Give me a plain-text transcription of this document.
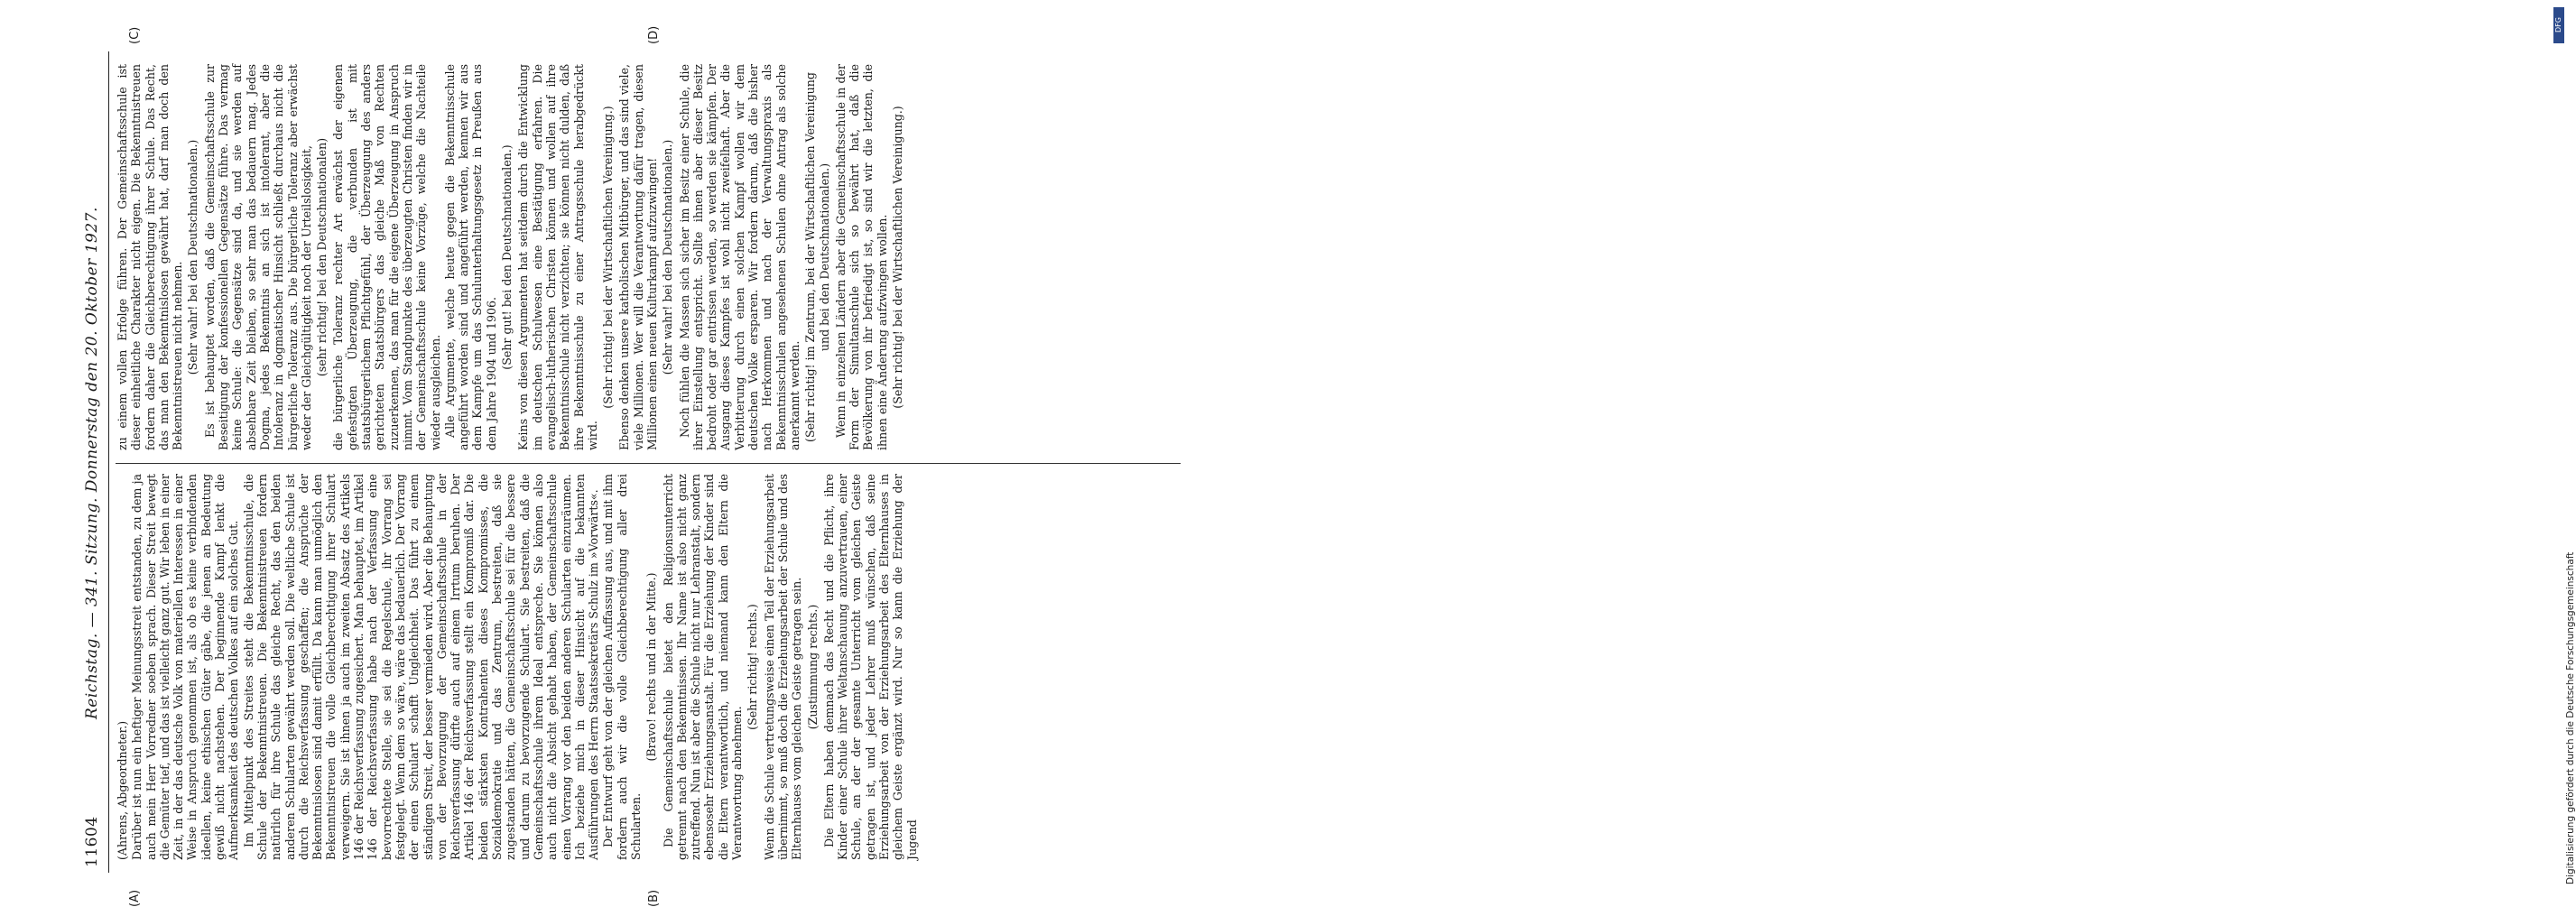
11604
Reichstag. — 341. Sitzung. Donnerstag den 20. Oktober 1927.
(A)	(B)
(C)	(D)

(Ahrens, Abgeordneter.) Darüber ist nun ein heftiger Meinungsstreit entstanden, zu dem ja auch mein Herr Vorredner soeben sprach. Dieser Streit bewegt die Gemüter tief, und das ist vielleicht ganz gut. Wir leben in einer Zeit, in der das deutsche Volk von materiellen Interessen in einer Weise in Anspruch genommen ist, als ob es keine verbindenden ideellen, keine ethischen Güter gäbe, die jenen an Bedeutung gewiß nicht nachstehen. Der beginnende Kampf lenkt die Aufmerksamkeit des deutschen Volkes auf ein solches Gut. Im Mittelpunkt des Streites steht die Bekenntnisschule, die Schule der Bekenntnistreuen. Die Bekenntnistreuen fordern natürlich für ihre Schule das gleiche Recht, das den beiden anderen Schularten gewährt werden soll. Die weltliche Schule ist durch die Reichsverfassung geschaffen; die Ansprüche der Bekenntnislosen sind damit erfüllt. Da kann man unmöglich den Bekenntnistreuen die volle Gleichberechtigung ihrer Schulart verweigern. Sie ist ihnen ja auch im zweiten Absatz des Artikels 146 der Reichsverfassung zugesichert. Man behauptet, im Artikel 146 der Reichsverfassung habe nach der Verfassung eine bevorrechtete Stelle, sie sei die Regelschule, ihr Vorrang sei festgelegt. Wenn dem so wäre, wäre das bedauerlich. Der Vorrang der einen Schulart schafft Ungleichheit. Das führt zu einem ständigen Streit, der besser vermieden wird. Aber die Behauptung von der Bevorzugung der Gemeinschaftsschule in der Reichsverfassung dürfte auch auf einem Irrtum beruhen. Der Artikel 146 der Reichsverfassung stellt ein Kompromiß dar. Die beiden stärksten Kontrahenten dieses Kompromisses, die Sozialdemokratie und das Zentrum, bestreiten, daß sie zugestanden hätten, die Gemeinschaftsschule sei für die bessere und darum zu bevorzugende Schulart. Sie bestreiten, daß die Gemeinschaftsschule ihrem Ideal entspreche. Sie können also auch nicht die Absicht gehabt haben, der Gemeinschaftsschule einen Vorrang vor den beiden anderen Schularten einzuräumen. Ich beziehe mich in dieser Hinsicht auf die bekannten Ausführungen des Herrn Staatssekretärs Schulz im »Vorwärts«. Der Entwurf geht von der gleichen Auffassung aus, und mit ihm fordern auch wir die volle Gleichberechtigung aller drei Schularten.

(Bravo! rechts und in der Mitte.) Die Gemeinschaftsschule bietet den Religionsunterricht getrennt nach den Bekenntnissen. Ihr Name ist also nicht ganz zutreffend. Nun ist aber die Schule nicht nur Lehranstalt, sondern ebensosehr Erziehungsanstalt. Für die Erziehung der Kinder sind die Eltern verantwortlich, und niemand kann den Eltern die Verantwortung abnehmen.

(Sehr richtig! rechts.) Wenn die Schule vertretungsweise einen Teil der Erziehungsarbeit übernimmt, so muß doch die Erziehungsarbeit der Schule und des Elternhauses vom gleichen Geiste getragen sein. (Zustimmung rechts.) Die Eltern haben demnach das Recht und die Pflicht, ihre Kinder einer Schule ihrer Weltanschauung anzuvertrauen, einer Schule, an der der gesamte Unterricht vom gleichen Geiste getragen ist, und jeder Lehrer muß wünschen, daß seine Erziehungsarbeit von der Erziehungsarbeit des Elternhauses in gleichem Geiste ergänzt wird. Nur so kann die Erziehung der Jugend

zu einem vollen Erfolge führen. Der Gemeinschaftsschule ist dieser einheitliche Charakter nicht eigen. Die Bekenntnistreuen fordern daher die Gleichberechtigung ihrer Schule. Das Recht, das man den Bekenntnislosen gewährt hat, darf man doch den Bekenntnistreuen nicht nehmen. (Sehr wahr! bei den Deutschnationalen.) Es ist behauptet worden, daß die Gemeinschaftsschule zur Beseitigung der konfessionellen Gegensätze führe. Das vermag keine Schule: die Gegensätze sind da, und sie werden auf absehbare Zeit bleiben, so sehr man das bedauern mag. Jedes Dogma, jedes Bekenntnis an sich ist intolerant, aber die Intoleranz in dogmatischer Hinsicht schließt durchaus nicht die bürgerliche Toleranz aus. Die bürgerliche Toleranz aber erwächst weder der Gleichgültigkeit noch der Urteilslosigkeit, (sehr richtig! bei den Deutschnationalen) die bürgerliche Toleranz rechter Art erwächst der eigenen gefestigten Überzeugung, die verbunden ist mit staatsbürgerlichem Pflichtgefühl, der Überzeugung des anders gerichteten Staatsbürgers das gleiche Maß von Rechten zuzuerkennen, das man für die eigene Überzeugung in Anspruch nimmt. Vom Standpunkte des überzeugten Christen finden wir in der Gemeinschaftsschule keine Vorzüge, welche die Nachteile wieder ausgleichen. Alle Argumente, welche heute gegen die Bekenntnisschule angeführt worden sind und angeführt werden, kennen wir aus dem Kampfe um das Schulunterhaltungsgesetz in Preußen aus dem Jahre 1904 und 1906.

(Sehr gut! bei den Deutschnationalen.) Keins von diesen Argumenten hat seitdem durch die Entwicklung im deutschen Schulwesen eine Bestätigung erfahren. Die evangelisch-lutherischen Christen können und wollen auf ihre Bekenntnisschule nicht verzichten; sie können nicht dulden, daß ihre Bekenntnisschule zu einer Antragsschule herabgedrückt wird.

(Sehr richtig! bei der Wirtschaftlichen Vereinigung.) Ebenso denken unsere katholischen Mitbürger, und das sind viele, viele Millionen. Wer will die Verantwortung dafür tragen, diesen Millionen einen neuen Kulturkampf aufzuzwingen! (Sehr wahr! bei den Deutschnationalen.) Noch fühlen die Massen sich sicher im Besitz einer Schule, die ihrer Einstellung entspricht. Sollte ihnen aber dieser Besitz bedroht oder gar entrissen werden, so werden sie kämpfen. Der Ausgang dieses Kampfes ist wohl nicht zweifelhaft. Aber die Verbitterung durch einen solchen Kampf wollen wir dem deutschen Volke ersparen. Wir fordern darum, daß die bisher nach Herkommen und nach der Verwaltungspraxis als Bekenntnisschulen angesehenen Schulen ohne Antrag als solche anerkannt werden. (Sehr richtig! im Zentrum, bei der Wirtschaftlichen Vereinigung und bei den Deutschnationalen.) Wenn in einzelnen Ländern aber die Gemeinschaftsschule in der Form der Simultanschule sich so bewährt hat, daß die Bevölkerung von ihr befriedigt ist, so sind wir die letzten, die ihnen eine Änderung aufzwingen wollen. (Sehr richtig! bei der Wirtschaftlichen Vereinigung.)

DFG
Digitalisierung gefördert durch die Deutsche Forschungsgemeinschaft
